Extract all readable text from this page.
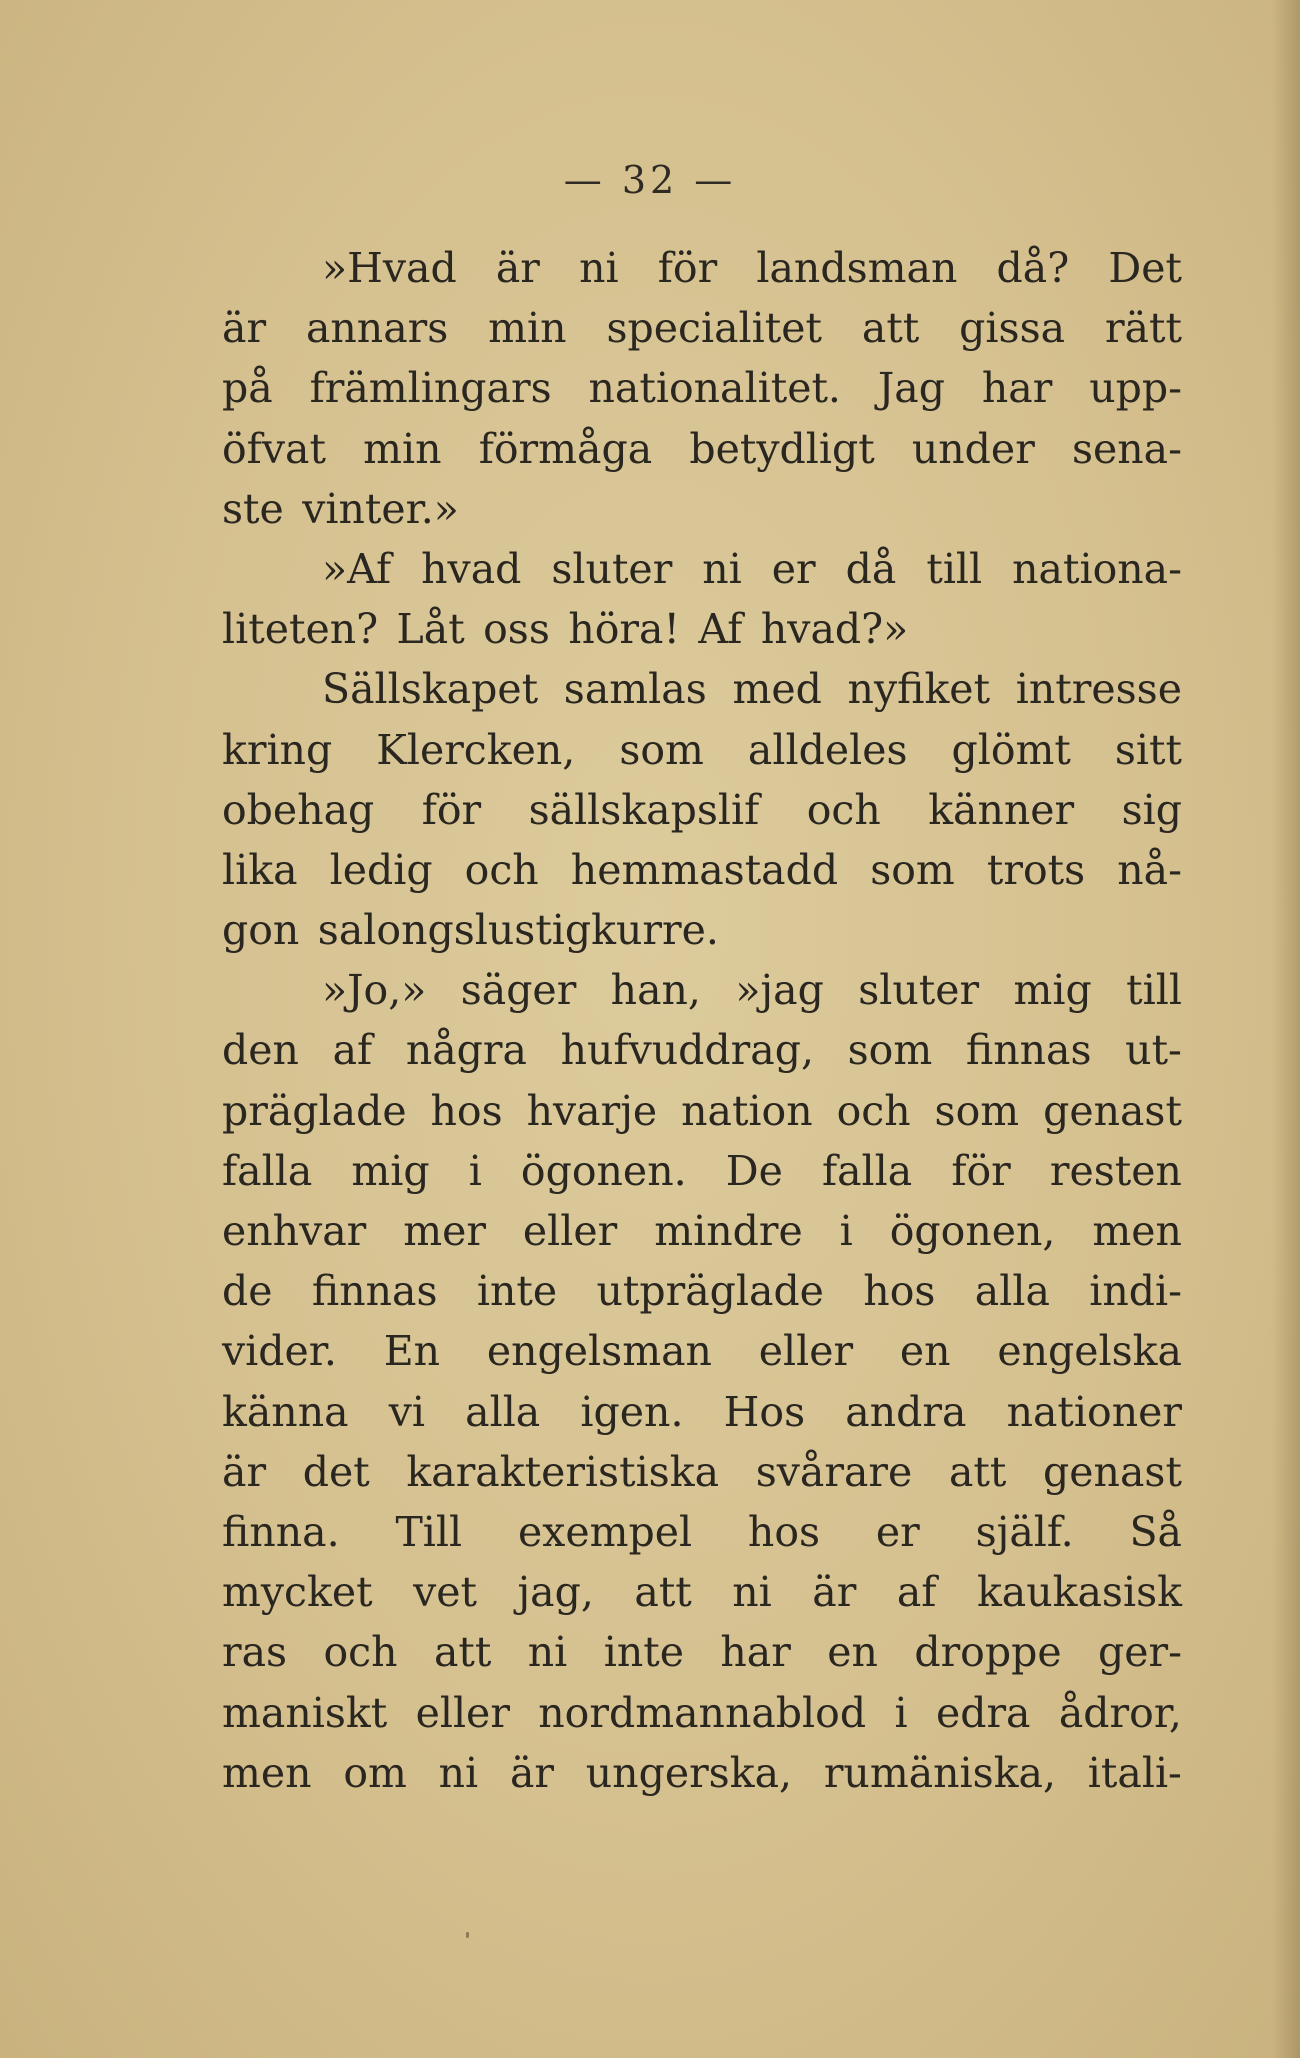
— 32 —
»Hvad är ni för landsman då? Det
är annars min specialitet att gissa rätt
på främlingars nationalitet. Jag har upp-
öfvat min förmåga betydligt under sena-
ste vinter.»
»Af hvad sluter ni er då till nationa-
liteten? Låt oss höra! Af hvad?»
Sällskapet samlas med nyfiket intresse
kring Klercken, som alldeles glömt sitt
obehag för sällskapslif och känner sig
lika ledig och hemmastadd som trots nå-
gon salongslustigkurre.
»Jo,» säger han, »jag sluter mig till
den af några hufvuddrag, som finnas ut-
präglade hos hvarje nation och som genast
falla mig i ögonen. De falla för resten
enhvar mer eller mindre i ögonen, men
de finnas inte utpräglade hos alla indi-
vider. En engelsman eller en engelska
känna vi alla igen. Hos andra nationer
är det karakteristiska svårare att genast
finna. Till exempel hos er själf. Så
mycket vet jag, att ni är af kaukasisk
ras och att ni inte har en droppe ger-
maniskt eller nordmannablod i edra ådror,
men om ni är ungerska, rumäniska, itali-
